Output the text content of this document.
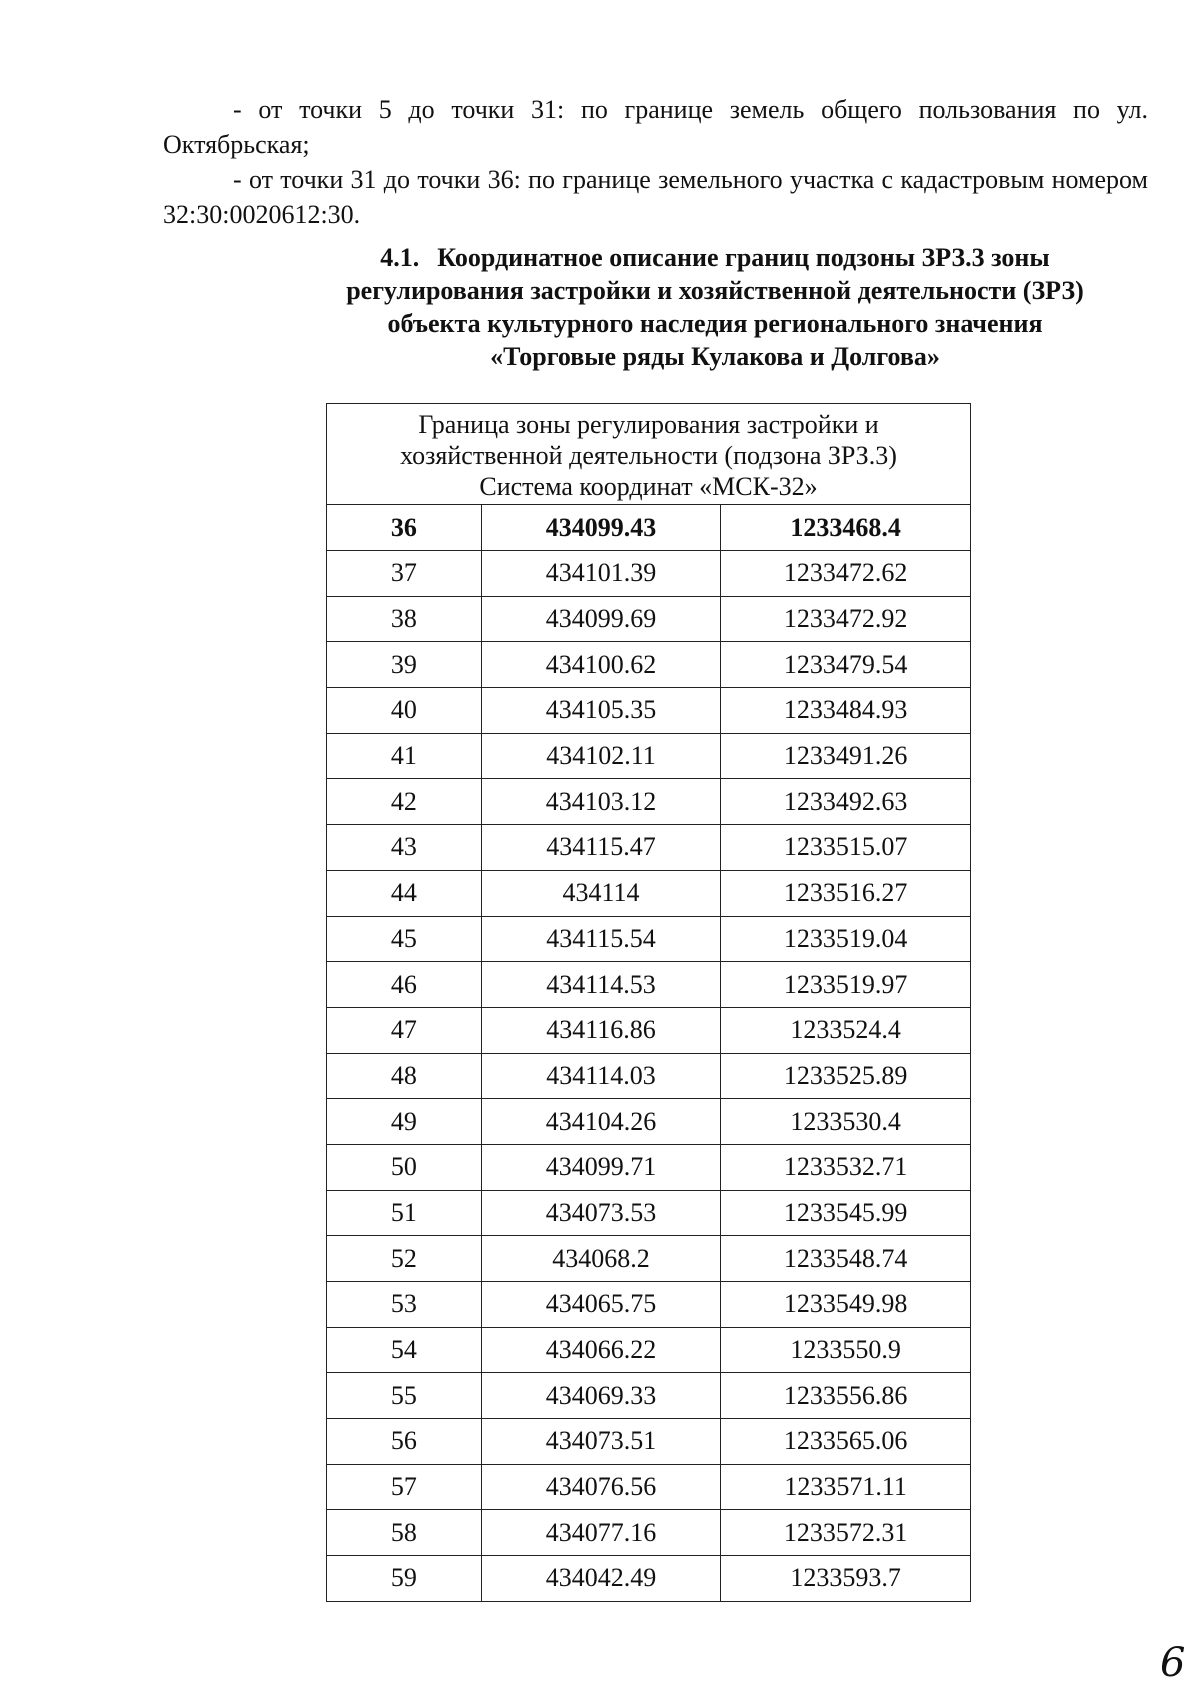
- от точки 5 до точки 31: по границе земель общего пользования по ул. Октябрьская;
- от точки 31 до точки 36: по границе земельного участка с кадастровым номером 32:30:0020612:30.
4.1. Координатное описание границ подзоны ЗРЗ.3 зоны
регулирования застройки и хозяйственной деятельности (ЗРЗ)
объекта культурного наследия регионального значения
«Торговые ряды Кулакова и Долгова»
Граница зоны регулирования застройки и
хозяйственной деятельности (подзона ЗРЗ.3)
Система координат «МСК-32»		

36	434099.43	1233468.4
37	434101.39	1233472.62
38	434099.69	1233472.92
39	434100.62	1233479.54
40	434105.35	1233484.93
41	434102.11	1233491.26
42	434103.12	1233492.63
43	434115.47	1233515.07
44	434114	1233516.27
45	434115.54	1233519.04
46	434114.53	1233519.97
47	434116.86	1233524.4
48	434114.03	1233525.89
49	434104.26	1233530.4
50	434099.71	1233532.71
51	434073.53	1233545.99
52	434068.2	1233548.74
53	434065.75	1233549.98
54	434066.22	1233550.9
55	434069.33	1233556.86
56	434073.51	1233565.06
57	434076.56	1233571.11
58	434077.16	1233572.31
59	434042.49	1233593.7
6
